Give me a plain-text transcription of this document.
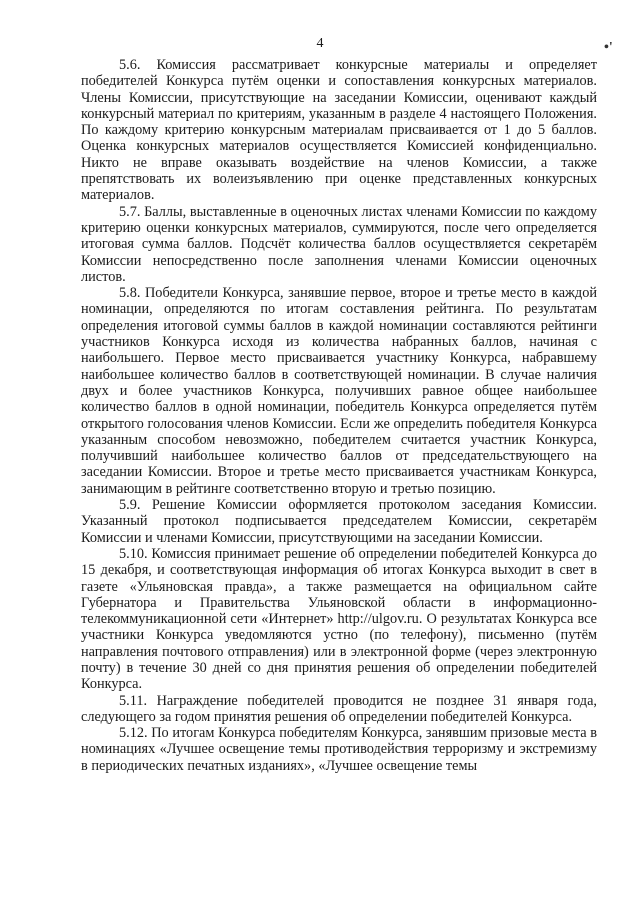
4	•'

5.6. Комиссия рассматривает конкурсные материалы и определяет победителей Конкурса путём оценки и сопоставления конкурсных материалов. Члены Комиссии, присутствующие на заседании Комиссии, оценивают каждый конкурсный материал по критериям, указанным в разделе 4 настоящего Положения. По каждому критерию конкурсным материалам присваивается от 1 до 5 баллов. Оценка конкурсных материалов осуществляется Комиссией конфиденциально. Никто не вправе оказывать воздействие на членов Комиссии, а также препятствовать их волеизъявлению при оценке представленных конкурсных материалов.

5.7. Баллы, выставленные в оценочных листах членами Комиссии по каждому критерию оценки конкурсных материалов, суммируются, после чего определяется итоговая сумма баллов. Подсчёт количества баллов осуществляется секретарём Комиссии непосредственно после заполнения членами Комиссии оценочных листов.

5.8. Победители Конкурса, занявшие первое, второе и третье место в каждой номинации, определяются по итогам составления рейтинга. По результатам определения итоговой суммы баллов в каждой номинации составляются рейтинги участников Конкурса исходя из количества набранных баллов, начиная с наибольшего. Первое место присваивается участнику Конкурса, набравшему наибольшее количество баллов в соответствующей номинации. В случае наличия двух и более участников Конкурса, получивших равное общее наибольшее количество баллов в одной номинации, победитель Конкурса определяется путём открытого голосования членов Комиссии. Если же определить победителя Конкурса указанным способом невозможно, победителем считается участник Конкурса, получивший наибольшее количество баллов от председательствующего на заседании Комиссии. Второе и третье место присваивается участникам Конкурса, занимающим в рейтинге соответственно вторую и третью позицию.

5.9. Решение Комиссии оформляется протоколом заседания Комиссии. Указанный протокол подписывается председателем Комиссии, секретарём Комиссии и членами Комиссии, присутствующими на заседании Комиссии.

5.10. Комиссия принимает решение об определении победителей Конкурса до 15 декабря, и соответствующая информация об итогах Конкурса выходит в свет в газете «Ульяновская правда», а также размещается на официальном сайте Губернатора и Правительства Ульяновской области в информационно-телекоммуникационной сети «Интернет» http://ulgov.ru. О результатах Конкурса все участники Конкурса уведомляются устно (по телефону), письменно (путём направления почтового отправления) или в электронной форме (через электронную почту) в течение 30 дней со дня принятия решения об определении победителей Конкурса.

5.11. Награждение победителей проводится не позднее 31 января года, следующего за годом принятия решения об определении победителей Конкурса.

5.12. По итогам Конкурса победителям Конкурса, занявшим призовые места в номинациях «Лучшее освещение темы противодействия терроризму и экстремизму в периодических печатных изданиях», «Лучшее освещение темы
